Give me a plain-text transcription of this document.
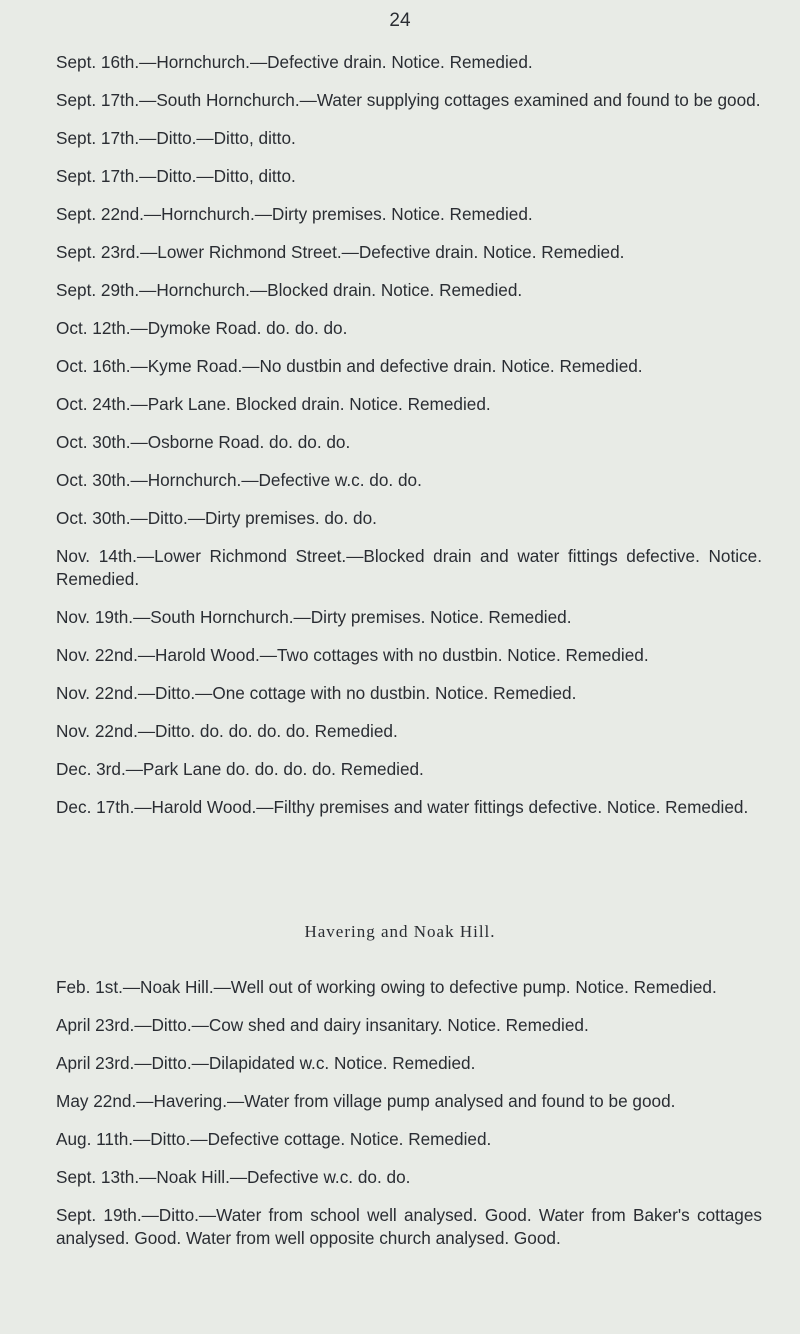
24
Sept. 16th.—Hornchurch.—Defective drain. Notice. Remedied.
Sept. 17th.—South Hornchurch.—Water supplying cottages examined and found to be good.
Sept. 17th.—Ditto.—Ditto, ditto.
Sept. 17th.—Ditto.—Ditto, ditto.
Sept. 22nd.—Hornchurch.—Dirty premises. Notice. Remedied.
Sept. 23rd.—Lower Richmond Street.—Defective drain. Notice. Remedied.
Sept. 29th.—Hornchurch.—Blocked drain. Notice. Remedied.
Oct. 12th.—Dymoke Road. do. do. do.
Oct. 16th.—Kyme Road.—No dustbin and defective drain. Notice. Remedied.
Oct. 24th.—Park Lane. Blocked drain. Notice. Remedied.
Oct. 30th.—Osborne Road. do. do. do.
Oct. 30th.—Hornchurch.—Defective w.c. do. do.
Oct. 30th.—Ditto.—Dirty premises. do. do.
Nov. 14th.—Lower Richmond Street.—Blocked drain and water fittings defective. Notice. Remedied.
Nov. 19th.—South Hornchurch.—Dirty premises. Notice. Remedied.
Nov. 22nd.—Harold Wood.—Two cottages with no dustbin. Notice. Remedied.
Nov. 22nd.—Ditto.—One cottage with no dustbin. Notice. Remedied.
Nov. 22nd.—Ditto. do. do. do. do. Remedied.
Dec. 3rd.—Park Lane do. do. do. do. Remedied.
Dec. 17th.—Harold Wood.—Filthy premises and water fittings defective. Notice. Remedied.
Havering and Noak Hill.
Feb. 1st.—Noak Hill.—Well out of working owing to defective pump. Notice. Remedied.
April 23rd.—Ditto.—Cow shed and dairy insanitary. Notice. Remedied.
April 23rd.—Ditto.—Dilapidated w.c. Notice. Remedied.
May 22nd.—Havering.—Water from village pump analysed and found to be good.
Aug. 11th.—Ditto.—Defective cottage. Notice. Remedied.
Sept. 13th.—Noak Hill.—Defective w.c. do. do.
Sept. 19th.—Ditto.—Water from school well analysed. Good. Water from Baker's cottages analysed. Good. Water from well opposite church analysed. Good.
